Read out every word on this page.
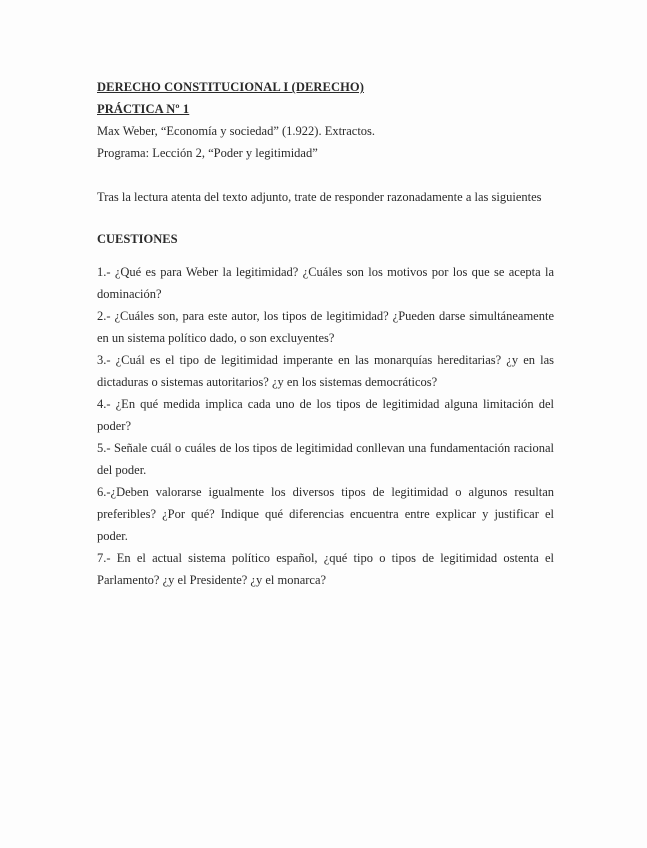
DERECHO CONSTITUCIONAL I (DERECHO)

PRÁCTICA Nº 1

Max Weber, “Economía y sociedad” (1.922). Extractos.

Programa: Lección 2, “Poder y legitimidad”

Tras la lectura atenta del texto adjunto, trate de responder razonadamente a las siguientes

CUESTIONES

1.- ¿Qué es para Weber la legitimidad? ¿Cuáles son los motivos por los que se acepta la dominación?

2.- ¿Cuáles son, para este autor, los tipos de legitimidad? ¿Pueden darse simultáneamente en un sistema político dado, o son excluyentes?

3.- ¿Cuál es el tipo de legitimidad imperante en las monarquías hereditarias? ¿y en las dictaduras o sistemas autoritarios? ¿y en los sistemas democráticos?

4.- ¿En qué medida implica cada uno de los tipos de legitimidad alguna limitación del poder?

5.- Señale cuál o cuáles de los tipos de legitimidad conllevan una fundamentación racional del poder.

6.-¿Deben valorarse igualmente los diversos tipos de legitimidad o algunos resultan preferibles? ¿Por qué? Indique qué diferencias encuentra entre explicar y justificar el poder.

7.- En el actual sistema político español, ¿qué tipo o tipos de legitimidad ostenta el Parlamento? ¿y el Presidente? ¿y el monarca?
